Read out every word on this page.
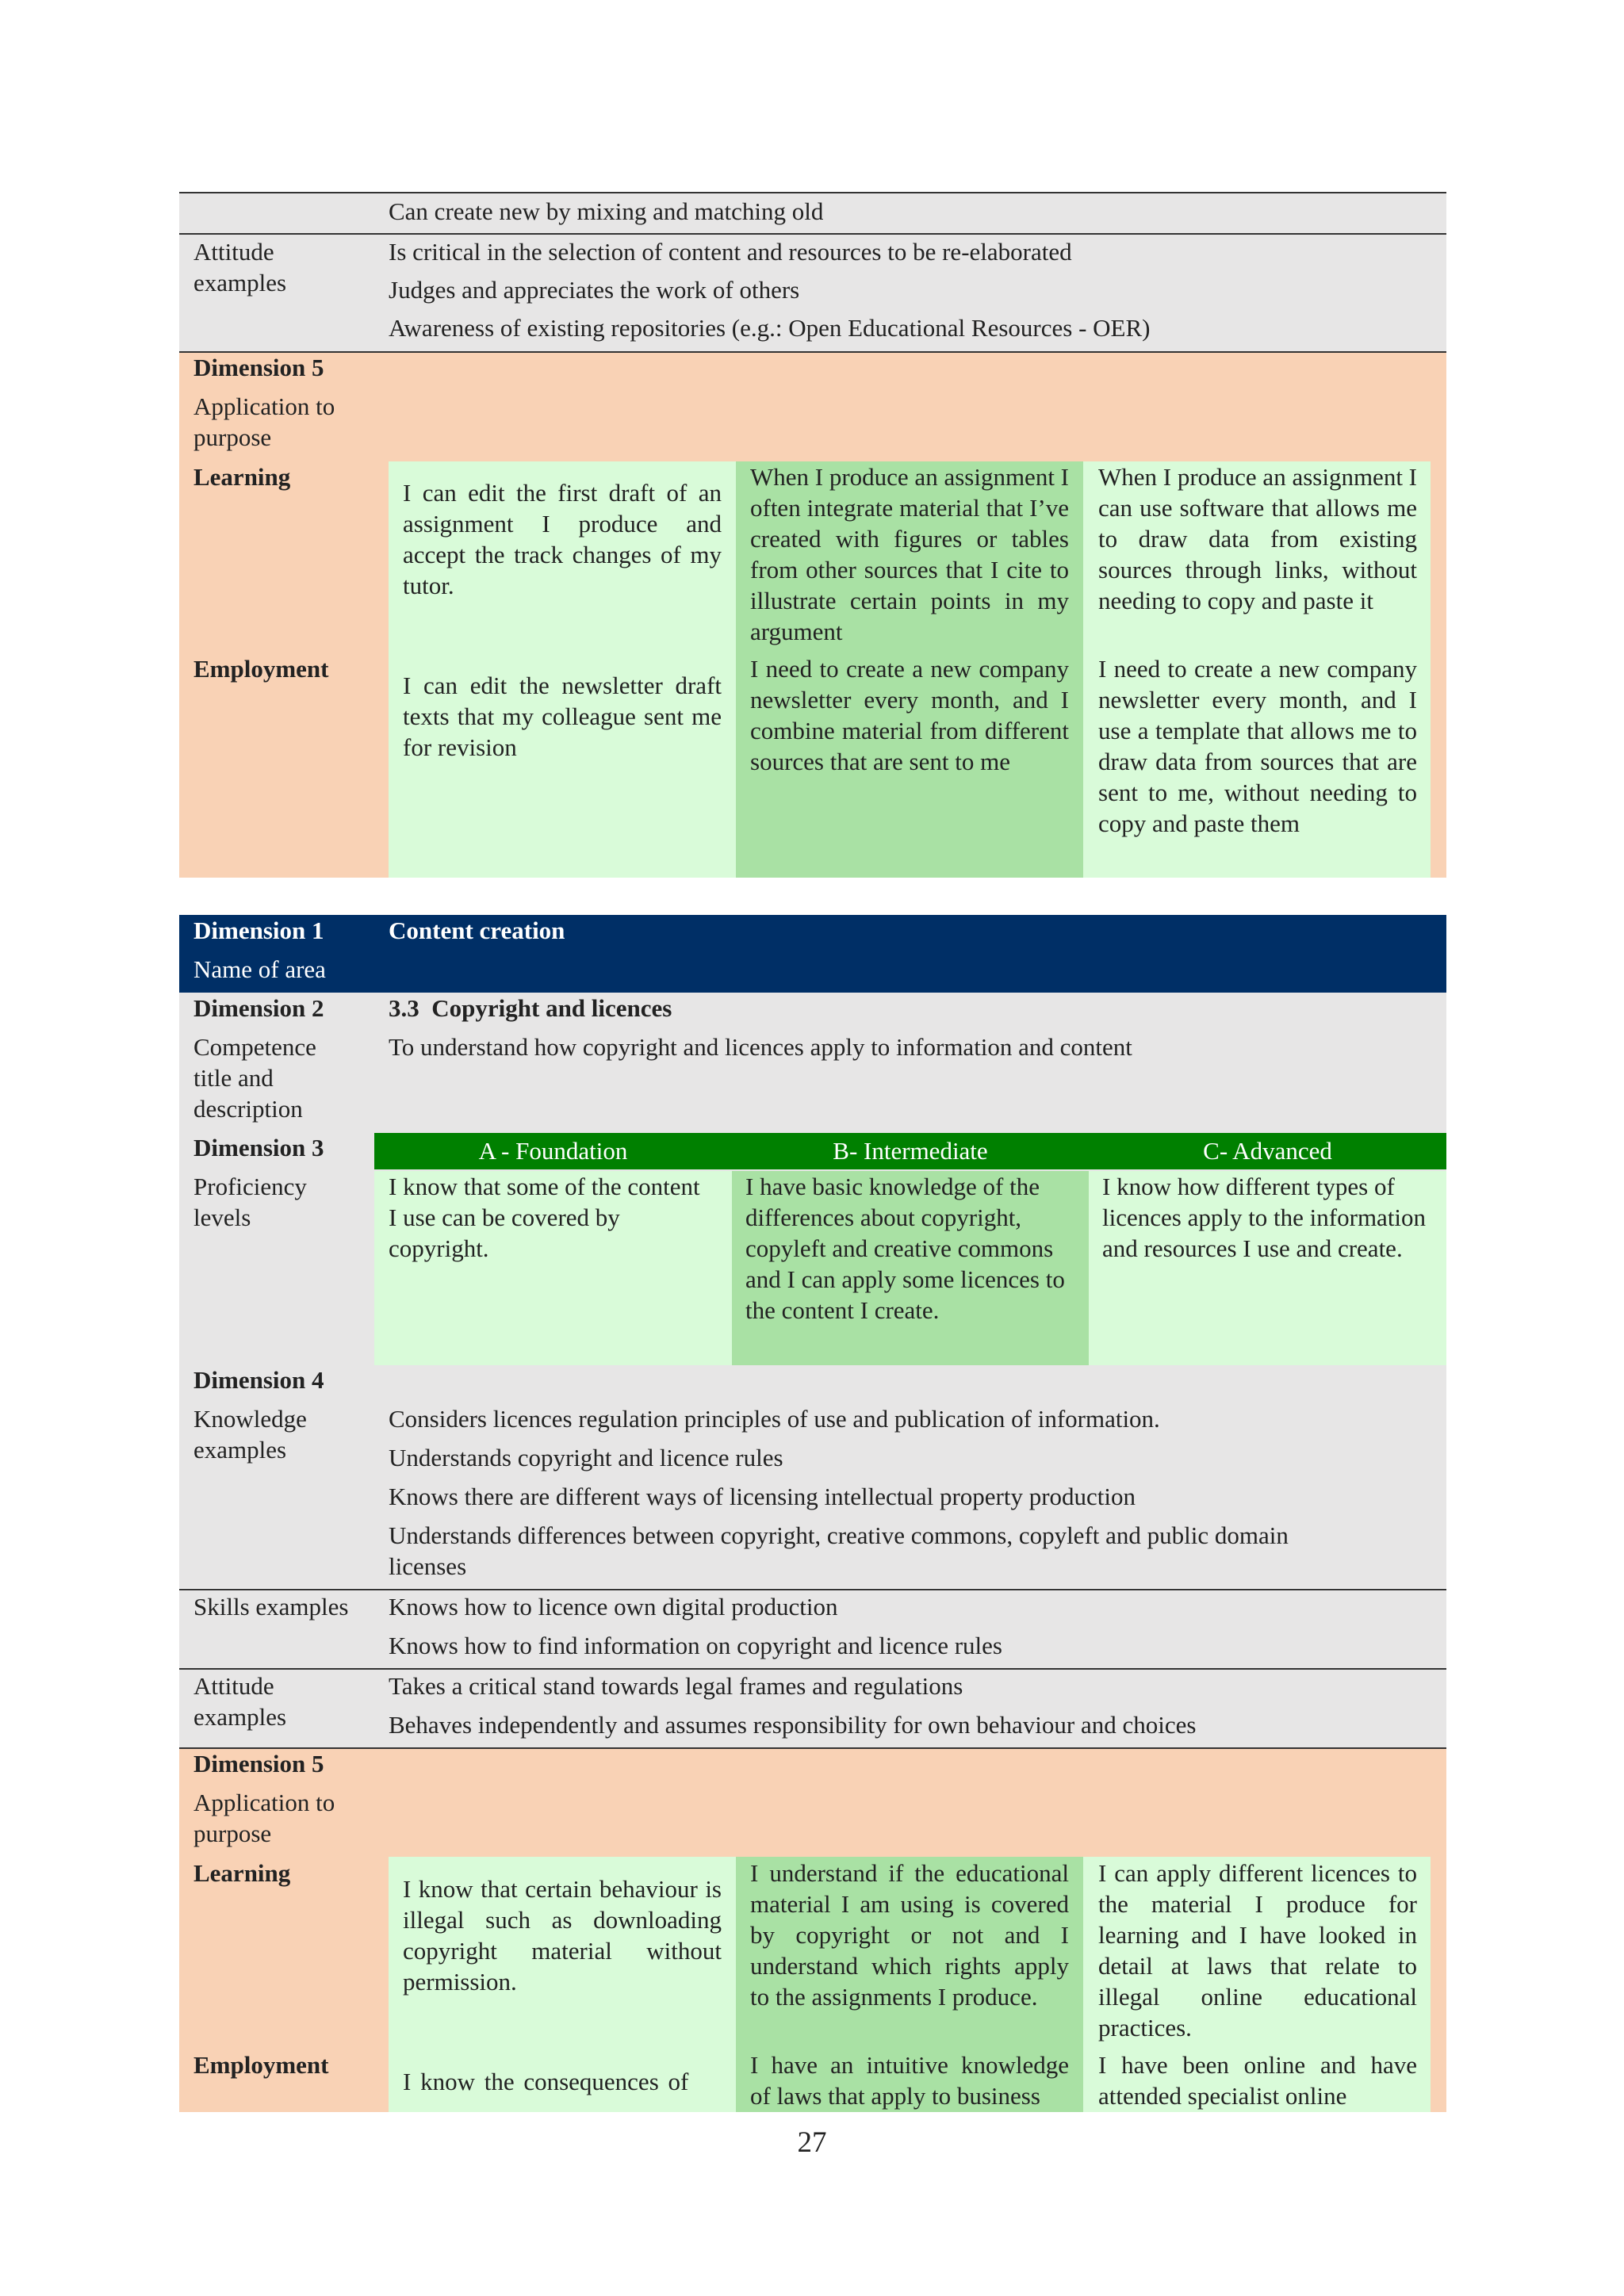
Can create new by mixing and matching old
Attitude examples
Is critical in the selection of content and resources to be re-elaborated
Judges and appreciates the work of others
Awareness of existing repositories (e.g.: Open Educational Resources - OER)
Dimension 5
Application to purpose
Learning
Employment
I can edit the first draft of an assignment I produce and accept the track changes of my tutor.
When I produce an assignment I often integrate material that I’ve created with figures or tables from other sources that I cite to illustrate certain points in my argument
When I produce an assignment I can use software that allows me to draw data from existing sources through links, without needing to copy and paste it
I can edit the newsletter draft texts that my colleague sent me for revision
I need to create a new company newsletter every month, and I combine material from different sources that are sent to me
I need to create a new company newsletter every month, and I use a template that allows me to draw data from sources that are sent to me, without needing to copy and paste them
Dimension 1
Name of area
Content creation
Dimension 2
Competence title and description
3.3  Copyright and licences
To understand how copyright and licences apply to information and content
Dimension 3
Proficiency levels
A - Foundation	B- Intermediate	C- Advanced
I know that some of the content I use can be covered by copyright.
I have basic knowledge of the differences about copyright, copyleft and creative commons and I can apply some licences to the content I create.
I know how different types of licences apply to the information and resources I use and create.
Dimension 4
Knowledge examples
Considers licences regulation principles of use and publication of information.
Understands copyright and licence rules
Knows there are different ways of licensing intellectual property production
Understands differences between copyright, creative commons, copyleft and public domain licenses
Skills examples Knows how to licence own digital production
Knows how to find information on copyright and licence rules
Attitude examples
Takes a critical stand towards legal frames and regulations
Behaves independently and assumes responsibility for own behaviour and choices
Dimension 5
Application to purpose
Learning
Employment
I know that certain behaviour is illegal such as downloading copyright material without permission.
I understand if the educational material I am using is covered by copyright or not and I understand which rights apply to the assignments I produce.
I can apply different licences to the material I produce for learning and I have looked in detail at laws that relate to illegal online educational practices.
I know the consequences of
I have an intuitive knowledge of laws that apply to business
I have been online and have attended specialist online
27
